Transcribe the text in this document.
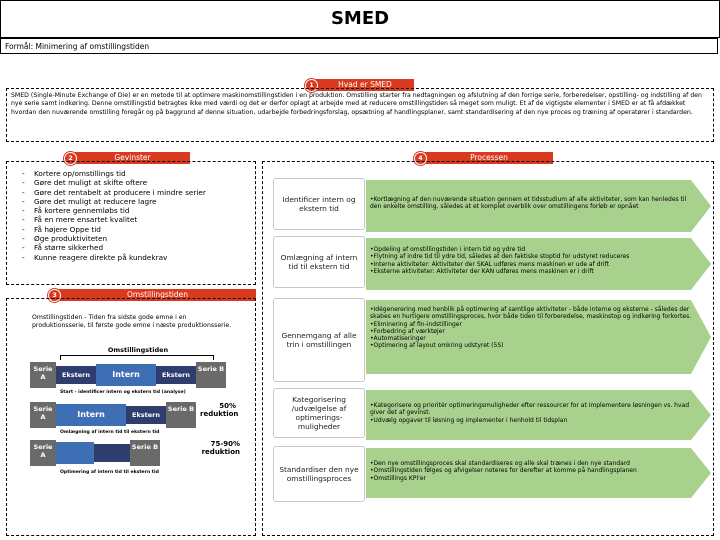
SMED
Formål: Minimering af omstillingstiden
Hvad er SMED
1
SMED (Single-Minute Exchange of Die) er en metode til at optimere maskinomstillingstiden i en produktion. Omstilling starter fra nedtagningen og afslutning af den forrige serie, forberedelser, opstilling- og indstilling af den nye serie samt indkøring. Denne omstillingstid betragtes ikke med værdi og det er derfor oplagt at arbejde med at reducere omstillingstiden så meget som muligt. Et af de vigtigste elementer i SMED er at få afdækket hvordan den nuværende omstilling foregår og på baggrund af denne situation, udarbejde forbedringsforslag, opsætning af handlingsplaner, samt standardisering af den nye proces og træning af operatører i standarden.
Gevinster
2
- Kortere op/omstillings tid
- Gøre det muligt at skifte oftere
- Gøre det rentabelt at producere i mindre serier
- Gøre det muligt at reducere lagre
- Få kortere gennemløbs tid
- Få en mere ensartet kvalitet
- Få højere Oppe tid
- Øge produktiviteten
- Få større sikkerhed
- Kunne reagere direkte på kundekrav
Omstillingstiden
3
Omstillingstiden - Tiden fra sidste gode emne i en produktionsserie, til første gode emne i næste produktionsserie.
Omstillingstiden
Serie A	Ekstern	Intern	Ekstern
Serie B
Start - identificer intern og ekstern tid (analyse)
Serie A	Intern	Ekstern
Serie B	50% reduktion
Omlægning af intern tid til ekstern tid
Serie A
Serie B	75-90% reduktion
Optimering af intern tid til ekstern tid
Processen
4
Identificer intern og ekstern tid
•Kortlægning af den nuværende situation gennem et tidsstudium af alle aktiviteter, som kan henledes til den enkelte omstilling, således at et komplet overblik over omstillingens forløb er opnået
Omlægning af intern tid til ekstern tid
•Opdeling af omstillingstiden i intern tid og ydre tid
•Flytning af indre tid til ydre tid, således at den faktiske stoptid for udstyret reduceres
•Interne aktiviteter: Aktiviteter der SKAL udføres mens maskinen er ude af drift
•Eksterne aktiviteter: Aktiviteter der KAN udføres mens maskinen er i drift
Gennemgang af alle trin i omstillingen
•Idégenerering med henblik på optimering af samtlige aktiviteter - både interne og eksterne - således der skabes en hurtigere omstillingsproces, hvor både tiden til forberedelse, maskinstop og indkøring forkortes.
•Eliminering af fin-indstillinger
•Forbedring af værktøjer
•Automatiseringer
•Optimering af layout omkring udstyret (5S)
Kategorisering /udvælgelse af optimerings-muligheder
•Kategorisere og prioritér optimeringsmuligheder efter ressourcer for at implementere løsningen vs. hvad giver det af gevinst.
•Udvælg opgaver til løsning og implementer i henhold til tidsplan
Standardiser den nye omstillingsproces
•Den nye omstillingsproces skal standardiseres og alle skal trænes i den nye standard
•Omstillingstiden følges og afvigelser noteres for derefter at komme på handlingsplanen
•Omstillings KPI'er
